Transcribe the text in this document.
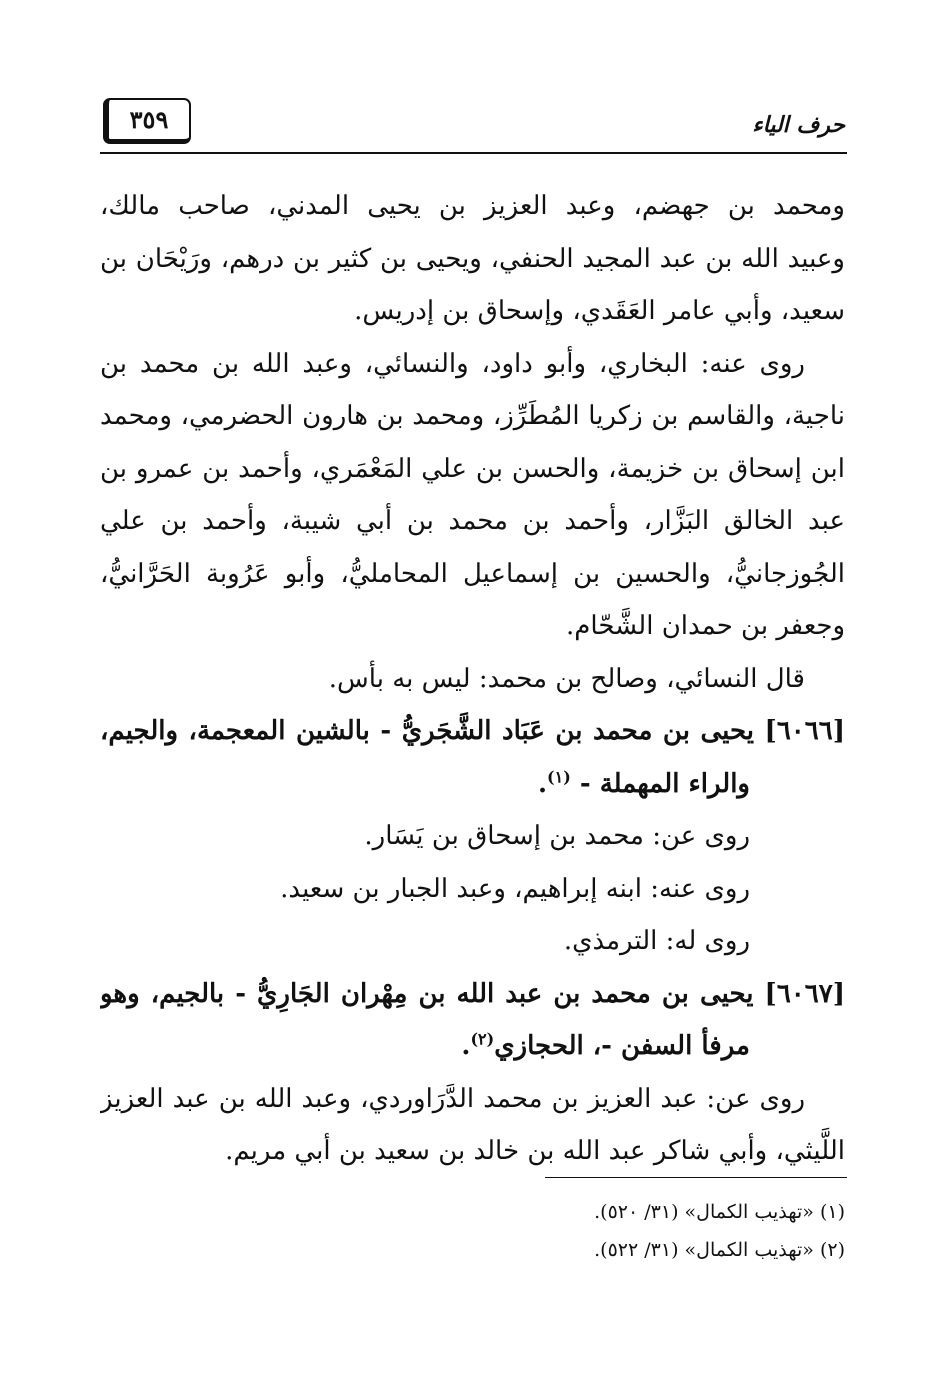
حرف الياء
٣٥٩
ومحمد بن جهضم، وعبد العزيز بن يحيى المدني، صاحب مالك،
وعبيد الله بن عبد المجيد الحنفي، ويحيى بن كثير بن درهم، ورَيْحَان بن
سعيد، وأبي عامر العَقَدي، وإسحاق بن إدريس.
روى عنه: البخاري، وأبو داود، والنسائي، وعبد الله بن محمد بن
ناجية، والقاسم بن زكريا المُطَرِّز، ومحمد بن هارون الحضرمي، ومحمد
ابن إسحاق بن خزيمة، والحسن بن علي المَعْمَري، وأحمد بن عمرو بن
عبد الخالق البَزَّار، وأحمد بن محمد بن أبي شيبة، وأحمد بن علي
الجُوزجانيُّ، والحسين بن إسماعيل المحامليُّ، وأبو عَرُوبة الحَرَّانيُّ،
وجعفر بن حمدان الشَّحّام.
قال النسائي، وصالح بن محمد: ليس به بأس.
[٦٠٦٦] يحيى بن محمد بن عَبَاد الشَّجَريُّ - بالشين المعجمة، والجيم،
والراء المهملة - $^{(١)}$.
روى عن: محمد بن إسحاق بن يَسَار.
روى عنه: ابنه إبراهيم، وعبد الجبار بن سعيد.
روى له: الترمذي.
[٦٠٦٧] يحيى بن محمد بن عبد الله بن مِهْران الجَارِيُّ - بالجيم، وهو
مرفأ السفن -، الحجازي$^{(٢)}$.
روى عن: عبد العزيز بن محمد الدَّرَاوردي، وعبد الله بن عبد العزيز
اللَّيثي، وأبي شاكر عبد الله بن خالد بن سعيد بن أبي مريم.
(١) «تهذيب الكمال» (٣١/ ٥٢٠).
(٢) «تهذيب الكمال» (٣١/ ٥٢٢).
